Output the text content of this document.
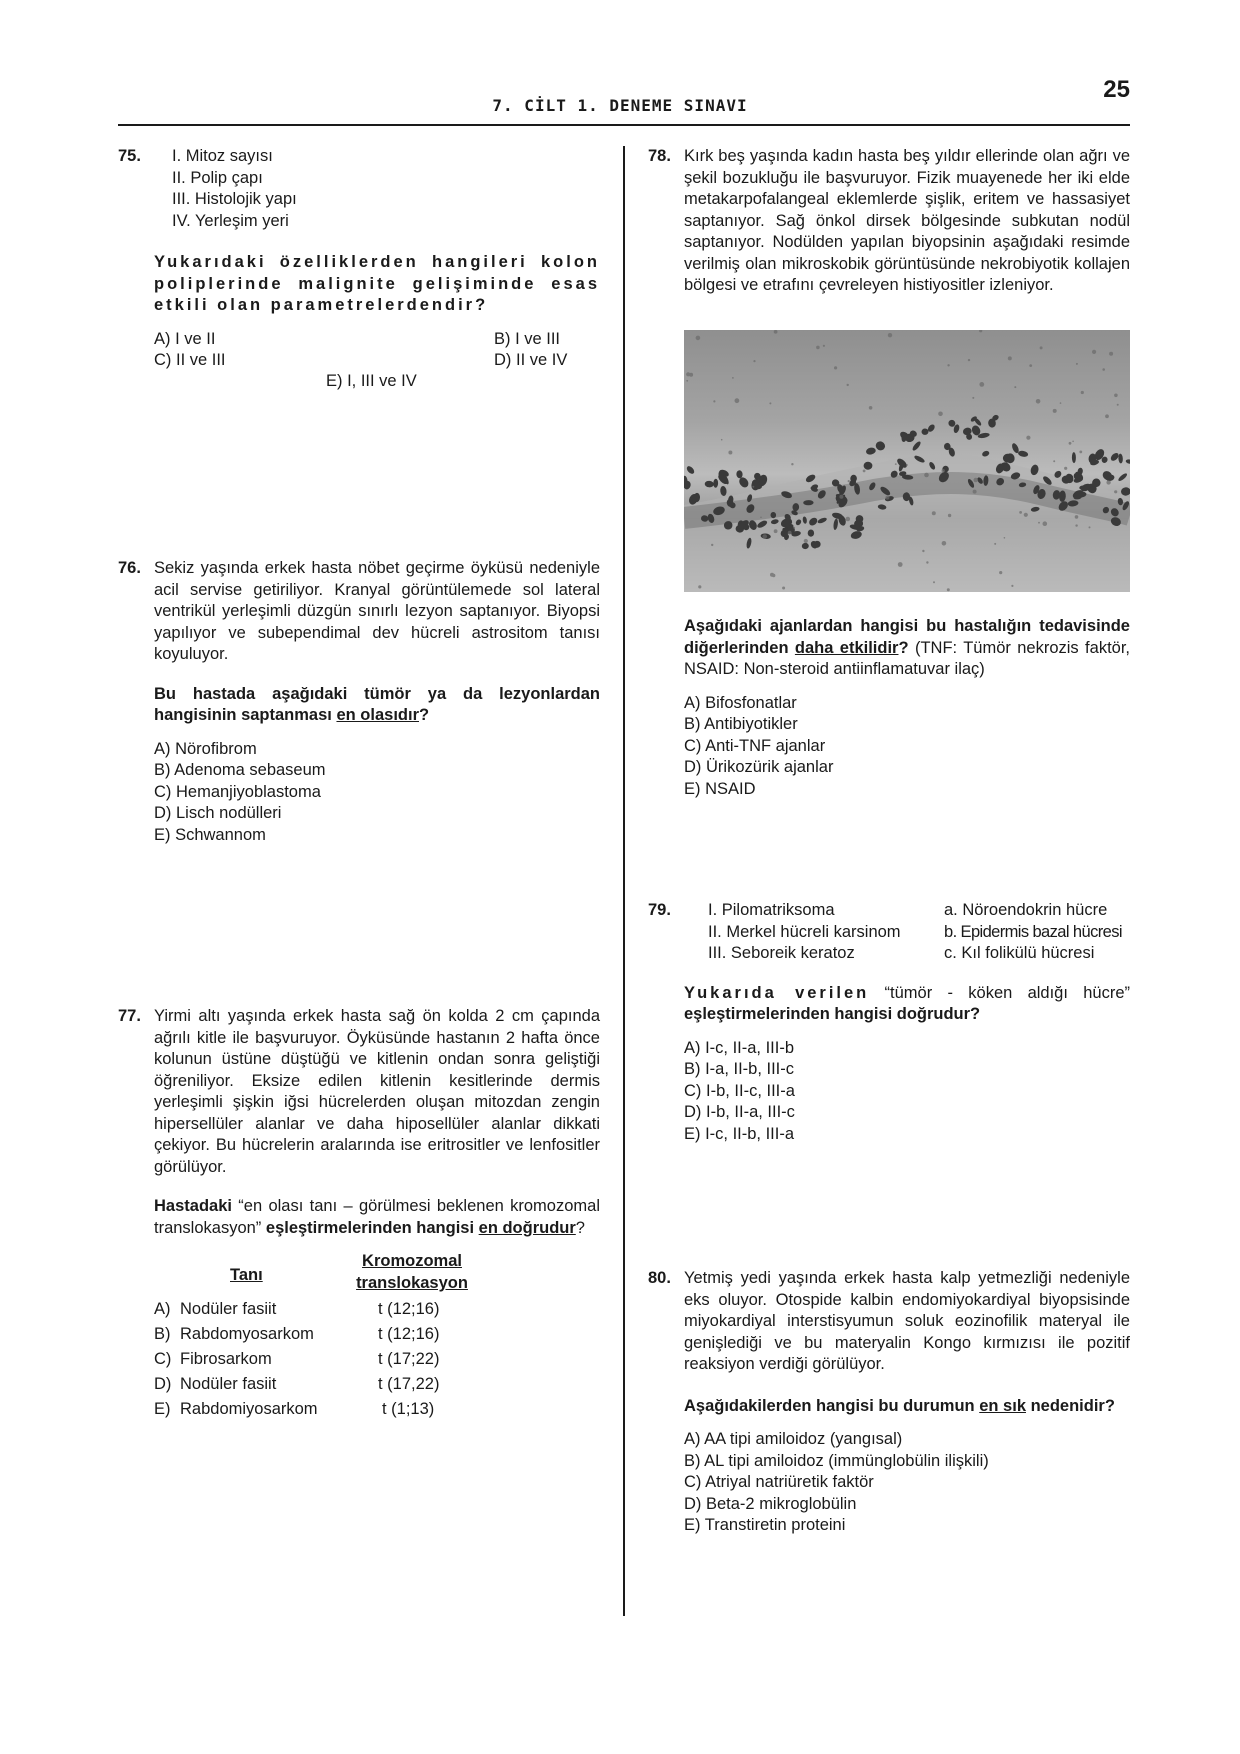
7. CİLT 1. DENEME SINAVI
25
75. I. Mitoz sayısı
II. Polip çapı
III. Histolojik yapı
IV. Yerleşim yeri

Yukarıdaki özelliklerden hangileri kolon poliplerinde malignite gelişiminde esas etkili olan parametrelerdendir?

A) I ve II	B) I ve III
C) II ve III	D) II ve IV
E) I, III ve IV
76. Sekiz yaşında erkek hasta nöbet geçirme öyküsü nedeniyle acil servise getiriliyor. Kranyal görüntülemede sol lateral ventrikül yerleşimli düzgün sınırlı lezyon saptanıyor. Biyopsi yapılıyor ve subependimal dev hücreli astrositom tanısı koyuluyor.

Bu hastada aşağıdaki tümör ya da lezyonlardan hangisinin saptanması en olasıdır?

A) Nörofibrom
B) Adenoma sebaseum
C) Hemanjiyoblastoma
D) Lisch nodülleri
E) Schwannom
77. Yirmi altı yaşında erkek hasta sağ ön kolda 2 cm çapında ağrılı kitle ile başvuruyor. Öyküsünde hastanın 2 hafta önce kolunun üstüne düştüğü ve kitlenin ondan sonra geliştiği öğreniliyor. Eksize edilen kitlenin kesitlerinde dermis yerleşimli şişkin iğsi hücrelerden oluşan mitozdan zengin hipersellüler alanlar ve daha hiposellüler alanlar dikkati çekiyor. Bu hücrelerin aralarında ise eritrositler ve lenfositler görülüyor.

Hastadaki “en olası tanı – görülmesi beklenen kromozomal translokasyon” eşleştirmelerinden hangisi en doğrudur?

Tanı
Kromozomal
translokasyon
A) Nodüler fasiit	t (12;16)
B) Rabdomyosarkom	t (12;16)
C) Fibrosarkom	t (17;22)
D) Nodüler fasiit	t (17,22)
E) Rabdomiyosarkom	t (1;13)
78. Kırk beş yaşında kadın hasta beş yıldır ellerinde olan ağrı ve şekil bozukluğu ile başvuruyor. Fizik muayenede her iki elde metakarpofalangeal eklemlerde şişlik, eritem ve hassasiyet saptanıyor. Sağ önkol dirsek bölgesinde subkutan nodül saptanıyor. Nodülden yapılan biyopsinin aşağıdaki resimde verilmiş olan mikroskobik görüntüsünde nekrobiyotik kollajen bölgesi ve etrafını çevreleyen histiyositler izleniyor.

Aşağıdaki ajanlardan hangisi bu hastalığın tedavisinde diğerlerinden daha etkilidir? (TNF: Tümör nekrozis faktör, NSAID: Non-steroid antiinflamatuvar ilaç)

A) Bifosfonatlar
B) Antibiyotikler
C) Anti-TNF ajanlar
D) Ürikozürik ajanlar
E) NSAID
79. I. Pilomatriksoma	a. Nöroendokrin hücre
II. Merkel hücreli karsinom	b. Epidermis bazal hücresi
III. Seboreik keratoz	c. Kıl folikülü hücresi

Yukarıda verilen “tümör - köken aldığı hücre” eşleştirmelerinden hangisi doğrudur?

A) I-c, II-a, III-b
B) I-a, II-b, III-c
C) I-b, II-c, III-a
D) I-b, II-a, III-c
E) I-c, II-b, III-a
80. Yetmiş yedi yaşında erkek hasta kalp yetmezliği nedeniyle eks oluyor. Otospide kalbin endomiyokardiyal biyopsisinde miyokardiyal interstisyumun soluk eozinofilik materyal ile genişlediği ve bu materyalin Kongo kırmızısı ile pozitif reaksiyon verdiği görülüyor.

Aşağıdakilerden hangisi bu durumun en sık nedenidir?

A) AA tipi amiloidoz (yangısal)
B) AL tipi amiloidoz (immünglobülin ilişkili)
C) Atriyal natriüretik faktör
D) Beta-2 mikroglobülin
E) Transtiretin proteini
